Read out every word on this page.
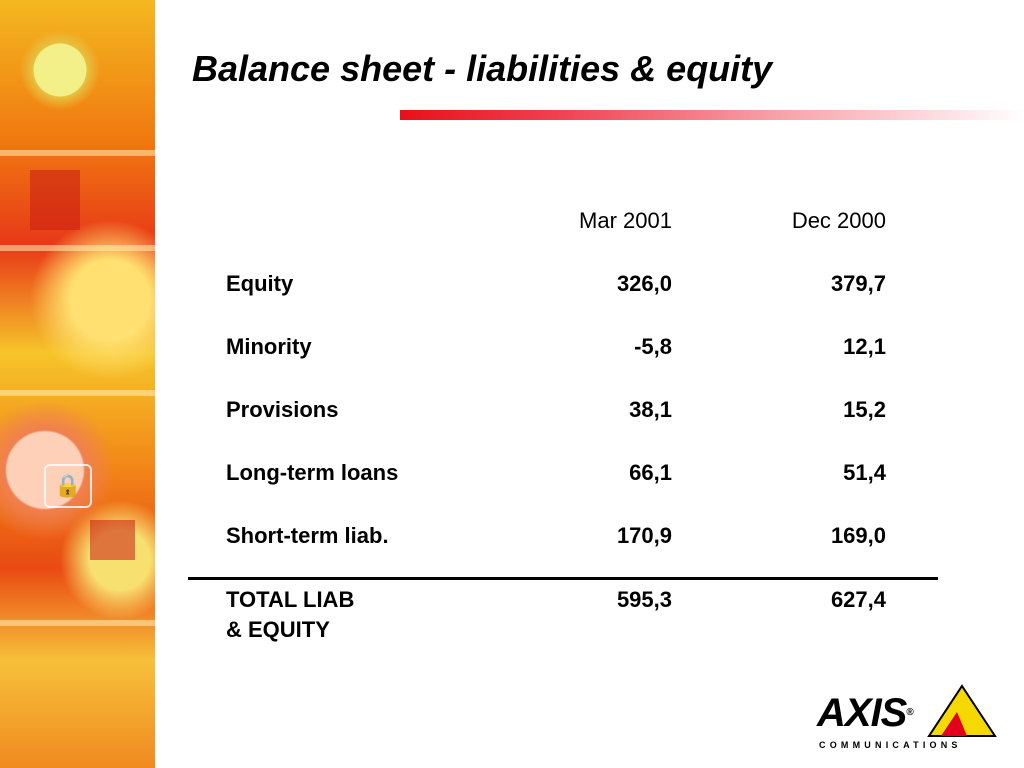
🔒
Balance sheet - liabilities & equity
Mar 2001	Dec 2000
Equity	326,0	379,7
Minority	-5,8	12,1
Provisions	38,1	15,2
Long-term loans	66,1	51,4
Short-term liab.	170,9	169,0
TOTAL LIAB
& EQUITY
595,3	627,4
AXIS®
COMMUNICATIONS
